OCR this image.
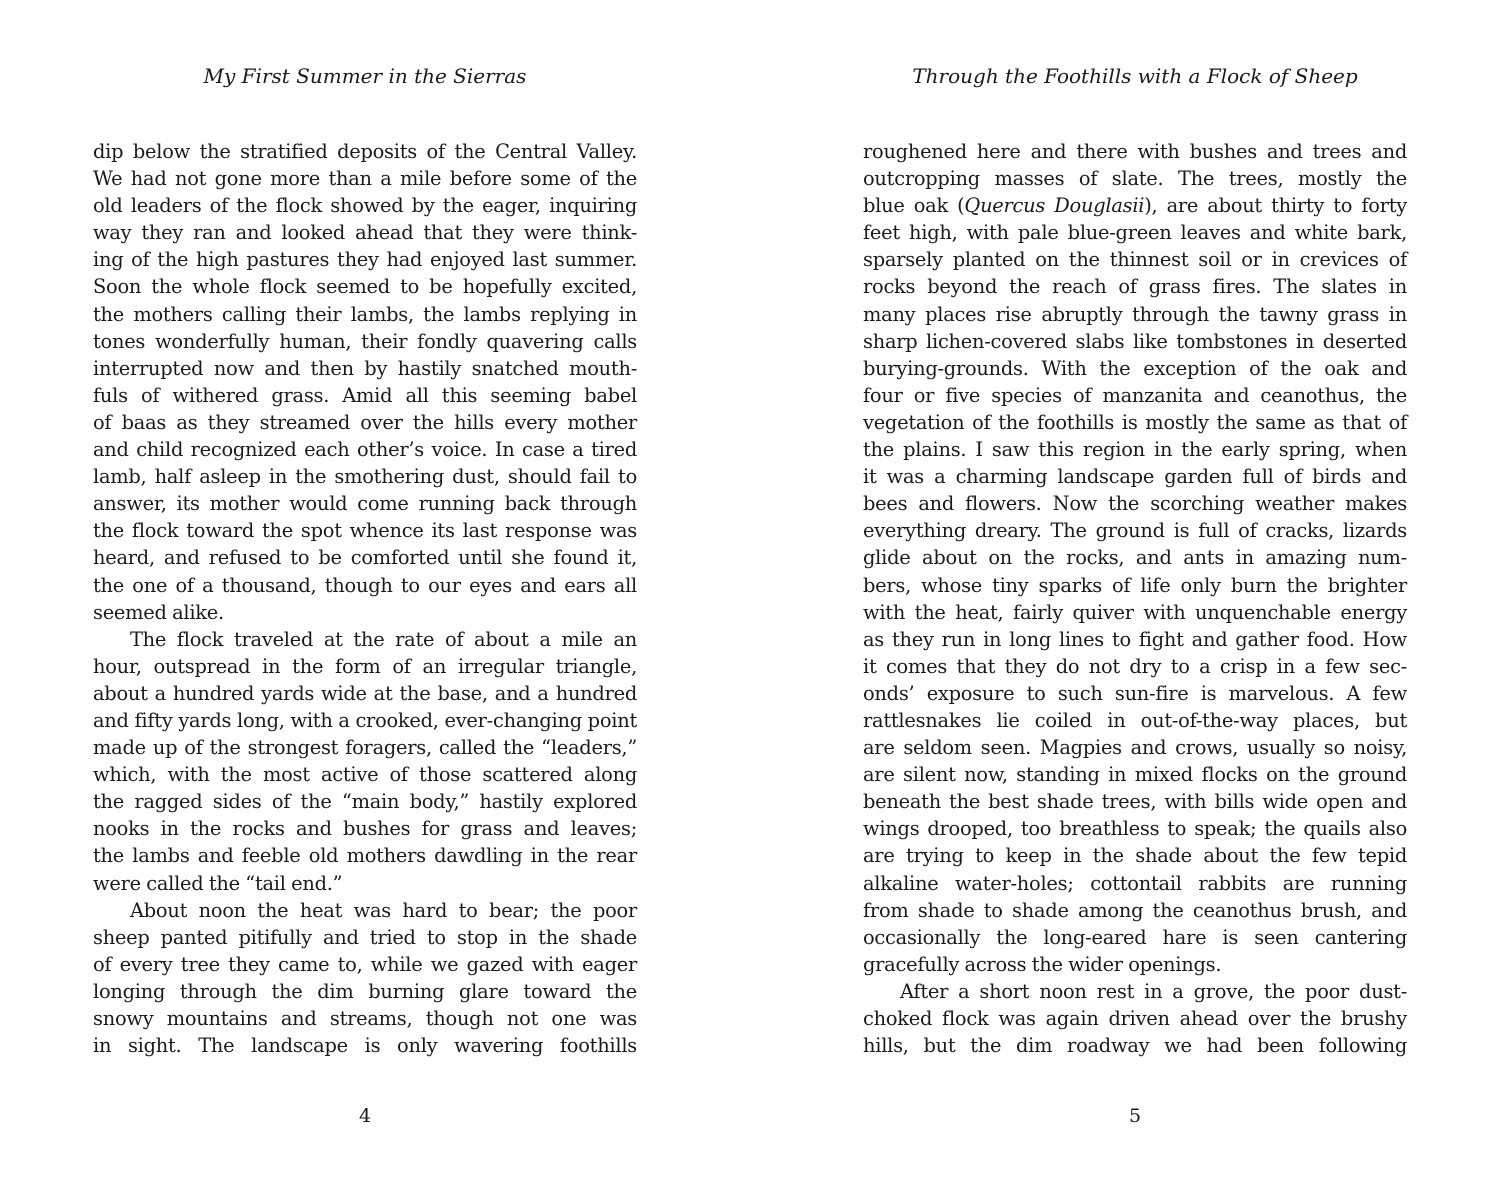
My First Summer in the Sierras
dip below the stratified deposits of the Central Valley.
We had not gone more than a mile before some of the
old leaders of the flock showed by the eager, inquiring
way they ran and looked ahead that they were think-
ing of the high pastures they had enjoyed last summer.
Soon the whole flock seemed to be hopefully excited,
the mothers calling their lambs, the lambs replying in
tones wonderfully human, their fondly quavering calls
interrupted now and then by hastily snatched mouth-
fuls of withered grass. Amid all this seeming babel
of baas as they streamed over the hills every mother
and child recognized each other’s voice. In case a tired
lamb, half asleep in the smothering dust, should fail to
answer, its mother would come running back through
the flock toward the spot whence its last response was
heard, and refused to be comforted until she found it,
the one of a thousand, though to our eyes and ears all
seemed alike.
The flock traveled at the rate of about a mile an
hour, outspread in the form of an irregular triangle,
about a hundred yards wide at the base, and a hundred
and fifty yards long, with a crooked, ever-changing point
made up of the strongest foragers, called the “leaders,”
which, with the most active of those scattered along
the ragged sides of the “main body,” hastily explored
nooks in the rocks and bushes for grass and leaves;
the lambs and feeble old mothers dawdling in the rear
were called the “tail end.”
About noon the heat was hard to bear; the poor
sheep panted pitifully and tried to stop in the shade
of every tree they came to, while we gazed with eager
longing through the dim burning glare toward the
snowy mountains and streams, though not one was
in sight. The landscape is only wavering foothills
4
Through the Foothills with a Flock of Sheep
roughened here and there with bushes and trees and
outcropping masses of slate. The trees, mostly the
blue oak (Quercus Douglasii), are about thirty to forty
feet high, with pale blue-green leaves and white bark,
sparsely planted on the thinnest soil or in crevices of
rocks beyond the reach of grass fires. The slates in
many places rise abruptly through the tawny grass in
sharp lichen-covered slabs like tombstones in deserted
burying-grounds. With the exception of the oak and
four or five species of manzanita and ceanothus, the
vegetation of the foothills is mostly the same as that of
the plains. I saw this region in the early spring, when
it was a charming landscape garden full of birds and
bees and flowers. Now the scorching weather makes
everything dreary. The ground is full of cracks, lizards
glide about on the rocks, and ants in amazing num-
bers, whose tiny sparks of life only burn the brighter
with the heat, fairly quiver with unquenchable energy
as they run in long lines to fight and gather food. How
it comes that they do not dry to a crisp in a few sec-
onds’ exposure to such sun-fire is marvelous. A few
rattlesnakes lie coiled in out-of-the-way places, but
are seldom seen. Magpies and crows, usually so noisy,
are silent now, standing in mixed flocks on the ground
beneath the best shade trees, with bills wide open and
wings drooped, too breathless to speak; the quails also
are trying to keep in the shade about the few tepid
alkaline water-holes; cottontail rabbits are running
from shade to shade among the ceanothus brush, and
occasionally the long-eared hare is seen cantering
gracefully across the wider openings.
After a short noon rest in a grove, the poor dust-
choked flock was again driven ahead over the brushy
hills, but the dim roadway we had been following
5
